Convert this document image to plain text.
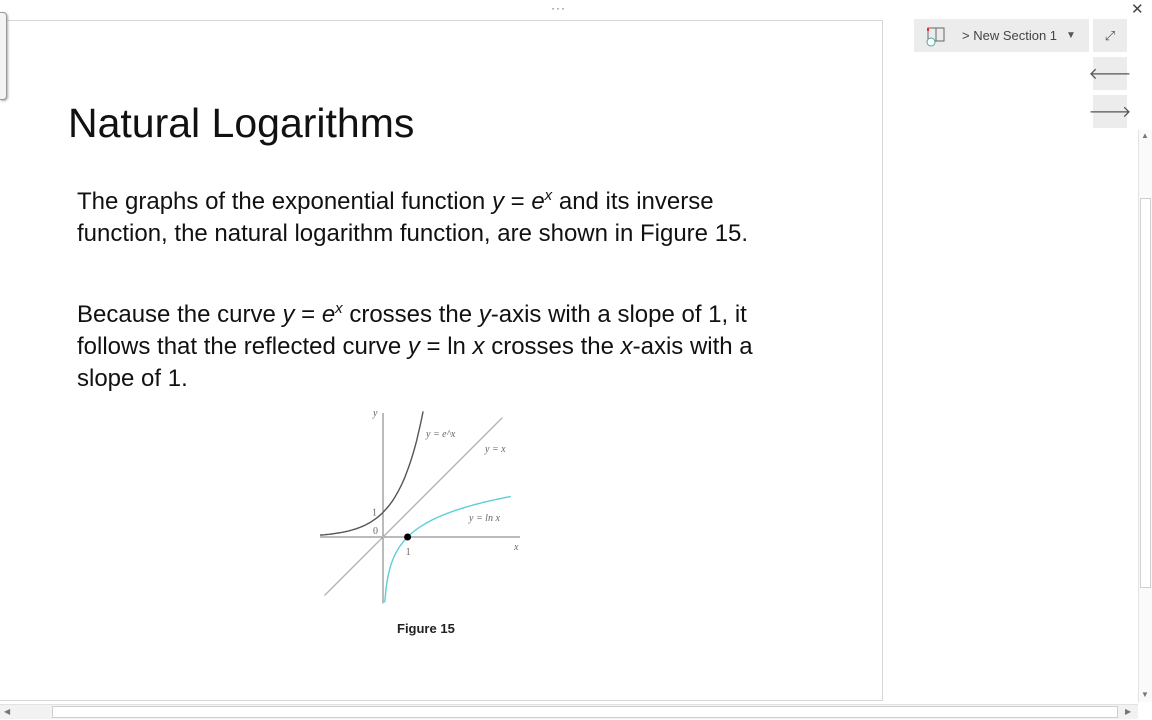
···	✕
Natural Logarithms

The graphs of the exponential function $y = e^x$ and its inverse function, the natural logarithm function, are shown in Figure 15.

Because the curve $y = e^x$ crosses the y-axis with a slope of 1, it follows that the reflected curve y = ln x crosses the x-axis with a slope of 1.

x
y
0
1
1
y = e^x
y = x
y = ln x
Figure 15
> New Section 1 ▼ ⤢
🡐
🡒
▲
▼
◀	▶
